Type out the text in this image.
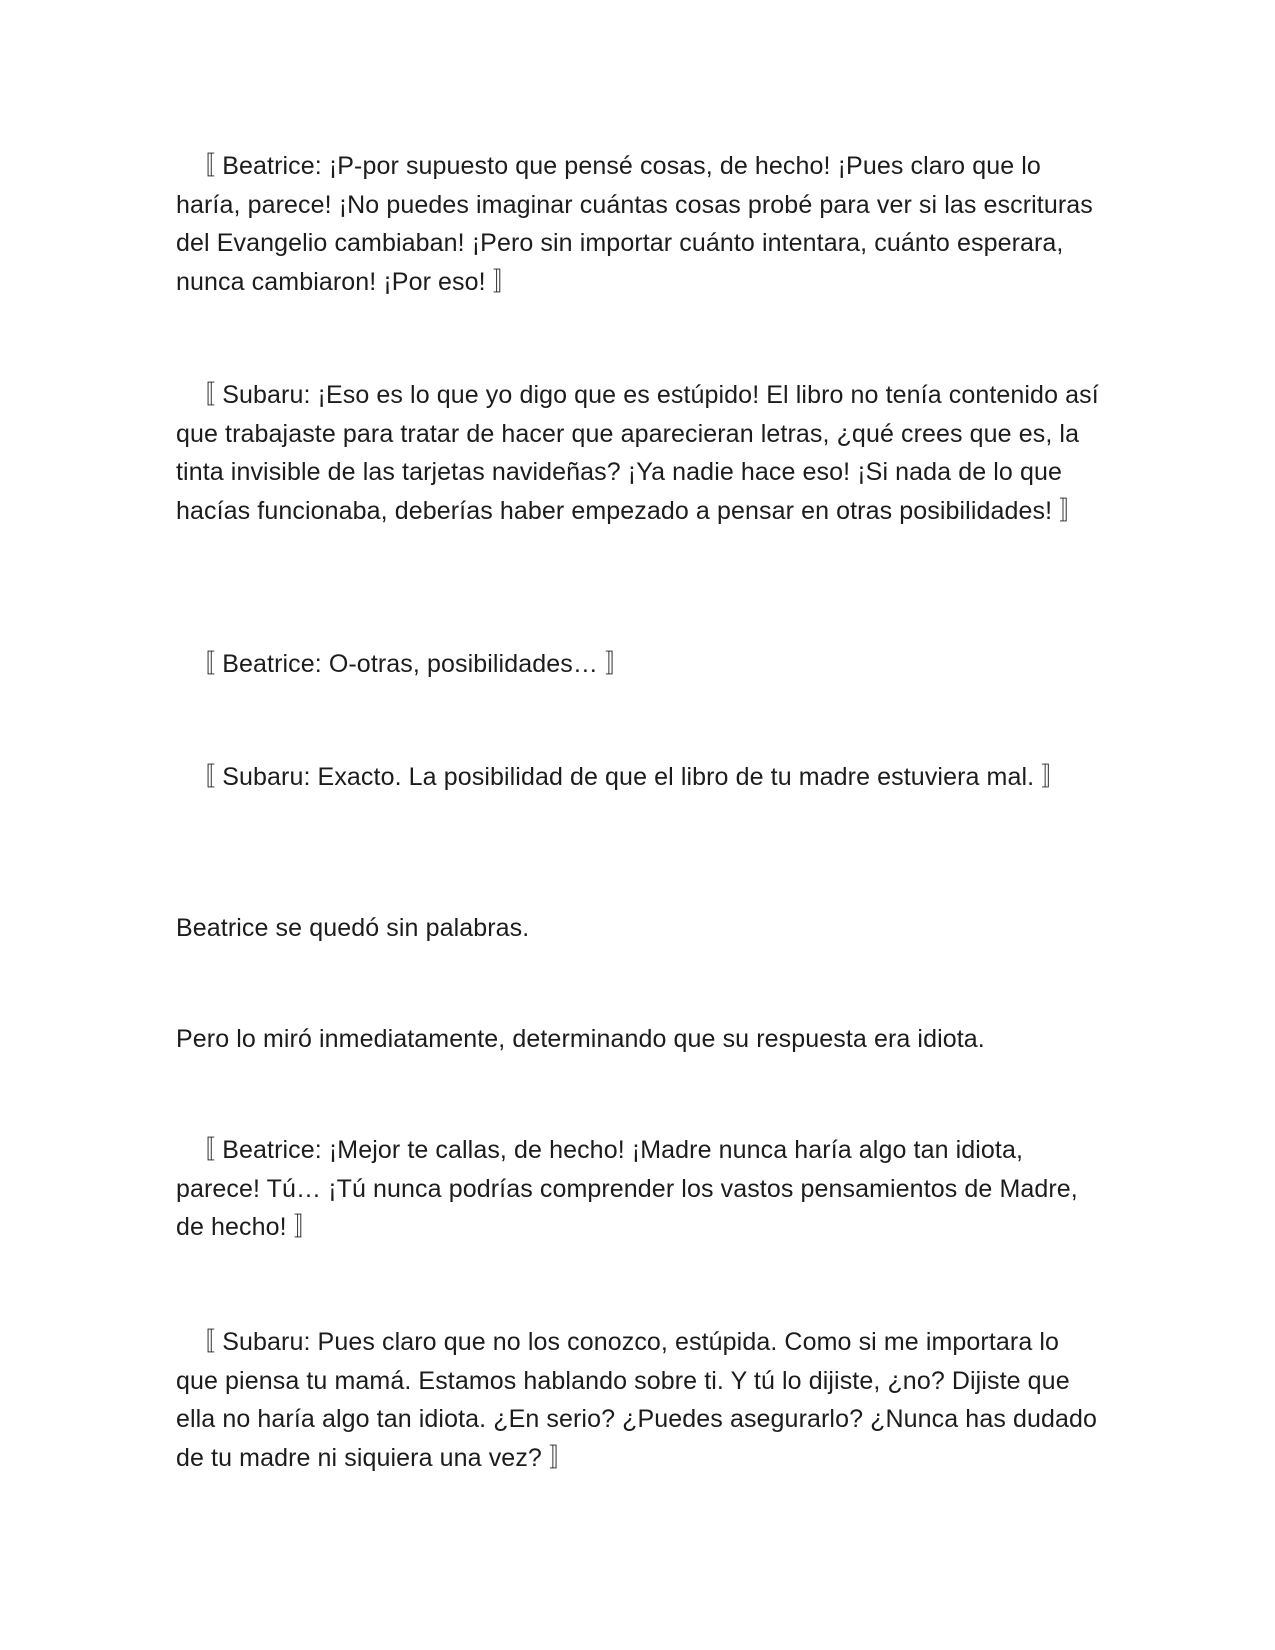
〚 Beatrice: ¡P-por supuesto que pensé cosas, de hecho! ¡Pues claro que lo haría, parece! ¡No puedes imaginar cuántas cosas probé para ver si las escrituras del Evangelio cambiaban! ¡Pero sin importar cuánto intentara, cuánto esperara, nunca cambiaron! ¡Por eso! 〛

〚 Subaru: ¡Eso es lo que yo digo que es estúpido! El libro no tenía contenido así que trabajaste para tratar de hacer que aparecieran letras, ¿qué crees que es, la tinta invisible de las tarjetas navideñas? ¡Ya nadie hace eso! ¡Si nada de lo que hacías funcionaba, deberías haber empezado a pensar en otras posibilidades! 〛

〚 Beatrice: O-otras, posibilidades… 〛

〚 Subaru: Exacto. La posibilidad de que el libro de tu madre estuviera mal. 〛

Beatrice se quedó sin palabras.

Pero lo miró inmediatamente, determinando que su respuesta era idiota.

〚 Beatrice: ¡Mejor te callas, de hecho! ¡Madre nunca haría algo tan idiota, parece! Tú… ¡Tú nunca podrías comprender los vastos pensamientos de Madre, de hecho! 〛

〚 Subaru: Pues claro que no los conozco, estúpida. Como si me importara lo que piensa tu mamá. Estamos hablando sobre ti. Y tú lo dijiste, ¿no? Dijiste que ella no haría algo tan idiota. ¿En serio? ¿Puedes asegurarlo? ¿Nunca has dudado de tu madre ni siquiera una vez? 〛
